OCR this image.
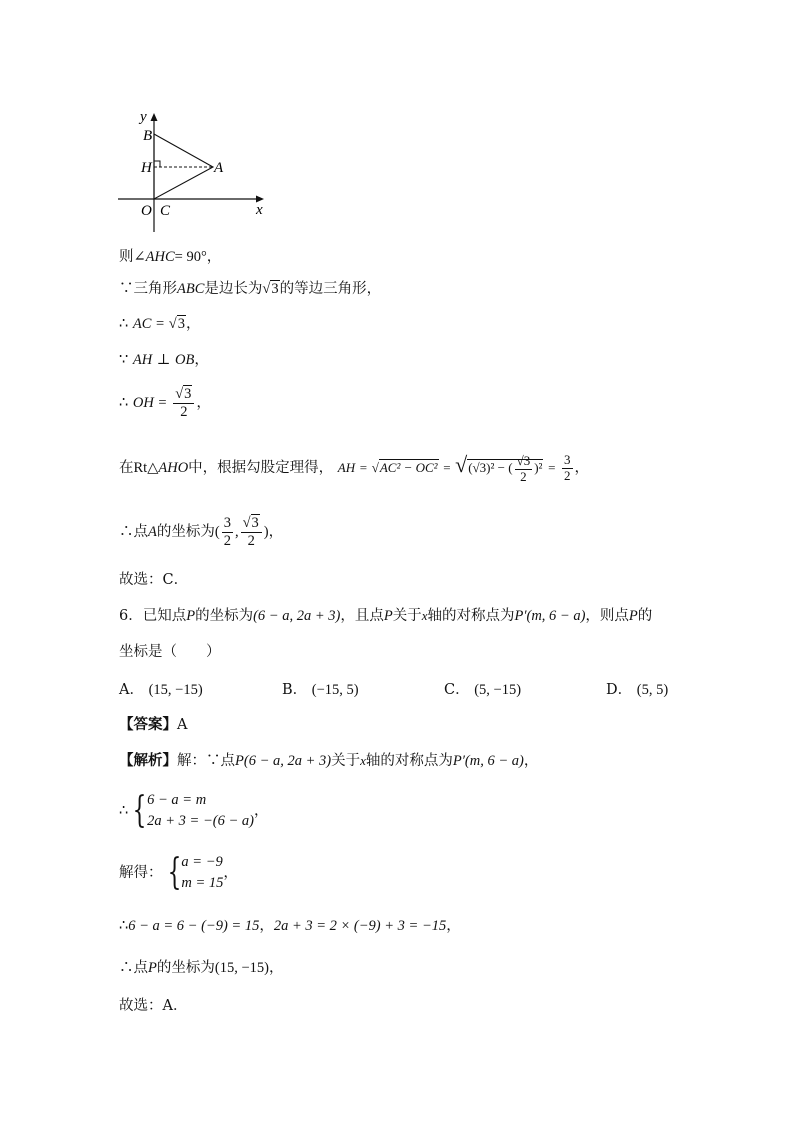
y
B
H	A
O C	x
则∠AHC= 90°，
∵三角形ABC是边长为√3的等边三角形，
∴ AC = √3，
∵ AH ⊥ OB，
∴ OH = $\frac{√3}{2}$ ，
在Rt△AHO中，根据勾股定理得， AH = √AC² − OC² = √(√3)² − ( $\frac{√3}{2} )^2 = \frac{3}{2}$ ，
∴点A的坐标为( $\frac{3}{2}$ , $\frac{√3}{2}$ )，
故选：C．
6．已知点P的坐标为(6 − a, 2a + 3)，且点P关于x轴的对称点为P′(m, 6 − a)，则点P的
坐标是（　　）
A． (15, −15)	B． (−15, 5)	C． (5, −15)	D． (5, 5)
【答案】A
【解析】解：∵点P(6 − a, 2a + 3)关于x轴的对称点为P′(m, 6 − a)，
∴ { 6 − a = m
2a + 3 = −(6 − a)
，
解得： { a = −9
m = 15
，
∴6 − a = 6 − (−9) = 15，2a + 3 = 2 × (−9) + 3 = −15，
∴点P的坐标为(15, −15)，
故选：A．
